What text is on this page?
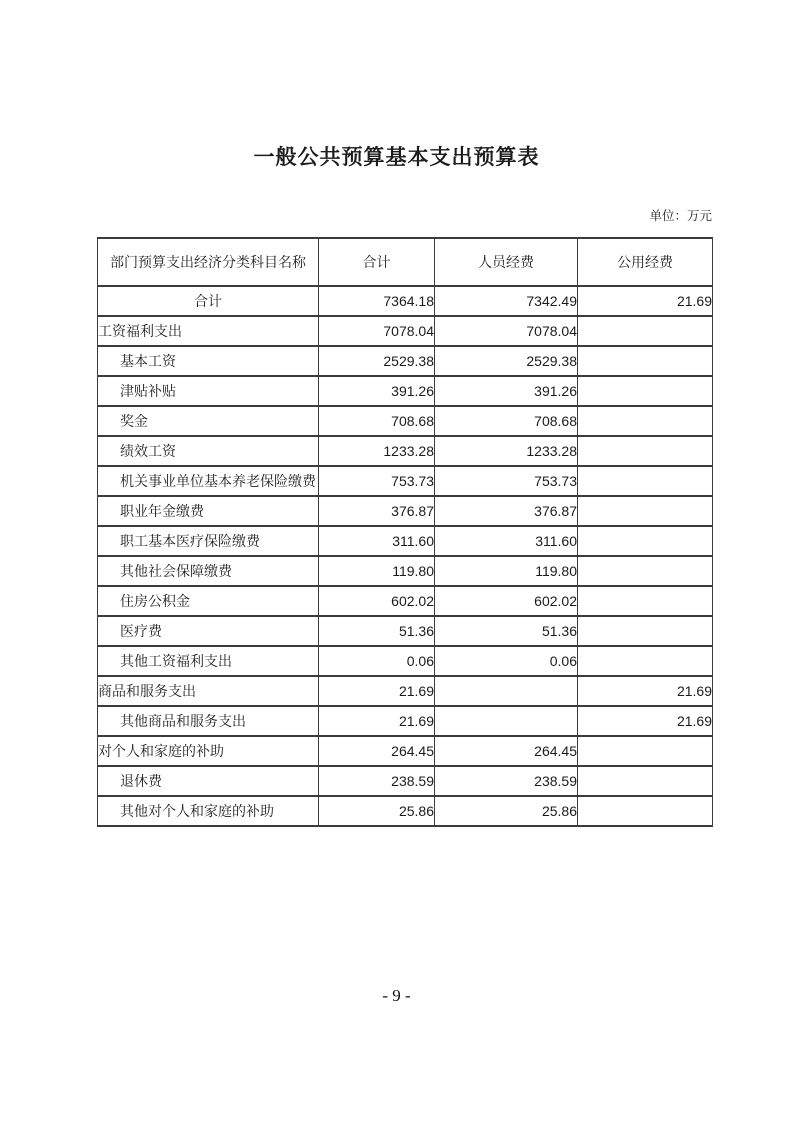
一般公共预算基本支出预算表
单位：万元
部门预算支出经济分类科目名称	合计	人员经费	公用经费
合计	7364.18	7342.49	21.69
工资福利支出	7078.04	7078.04	
基本工资	2529.38	2529.38	
津贴补贴	391.26	391.26	
奖金	708.68	708.68	
绩效工资	1233.28	1233.28	
机关事业单位基本养老保险缴费	753.73	753.73	
职业年金缴费	376.87	376.87	
职工基本医疗保险缴费	311.60	311.60	
其他社会保障缴费	119.80	119.80	
住房公积金	602.02	602.02	
医疗费	51.36	51.36	
其他工资福利支出	0.06	0.06	
商品和服务支出	21.69		21.69
其他商品和服务支出	21.69		21.69
对个人和家庭的补助	264.45	264.45	
退休费	238.59	238.59	
其他对个人和家庭的补助	25.86	25.86	
- 9 -
